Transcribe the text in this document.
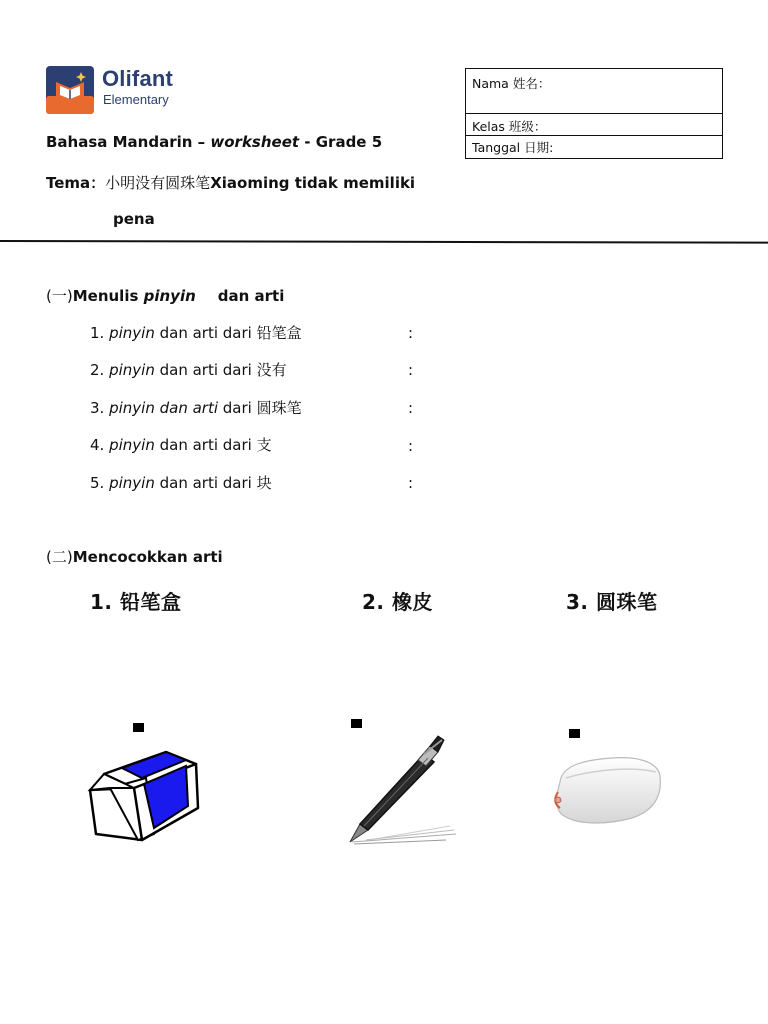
Olifant
Elementary
Nama 姓名：
Kelas 班级：
Tanggal 日期:
Bahasa Mandarin – worksheet - Grade 5
Tema：小明没有圆珠笔Xiaoming tidak memiliki
pena
(一)Menulis pinyin dan arti
1. pinyin dan arti dari 铅笔盒	:
2. pinyin dan arti dari 没有	:
3. pinyin dan arti dari 圆珠笔	:
4. pinyin dan arti dari 支	:
5. pinyin dan arti dari 块	:
(二)Mencocokkan arti
1. 铅笔盒	2. 橡皮	3. 圆珠笔
